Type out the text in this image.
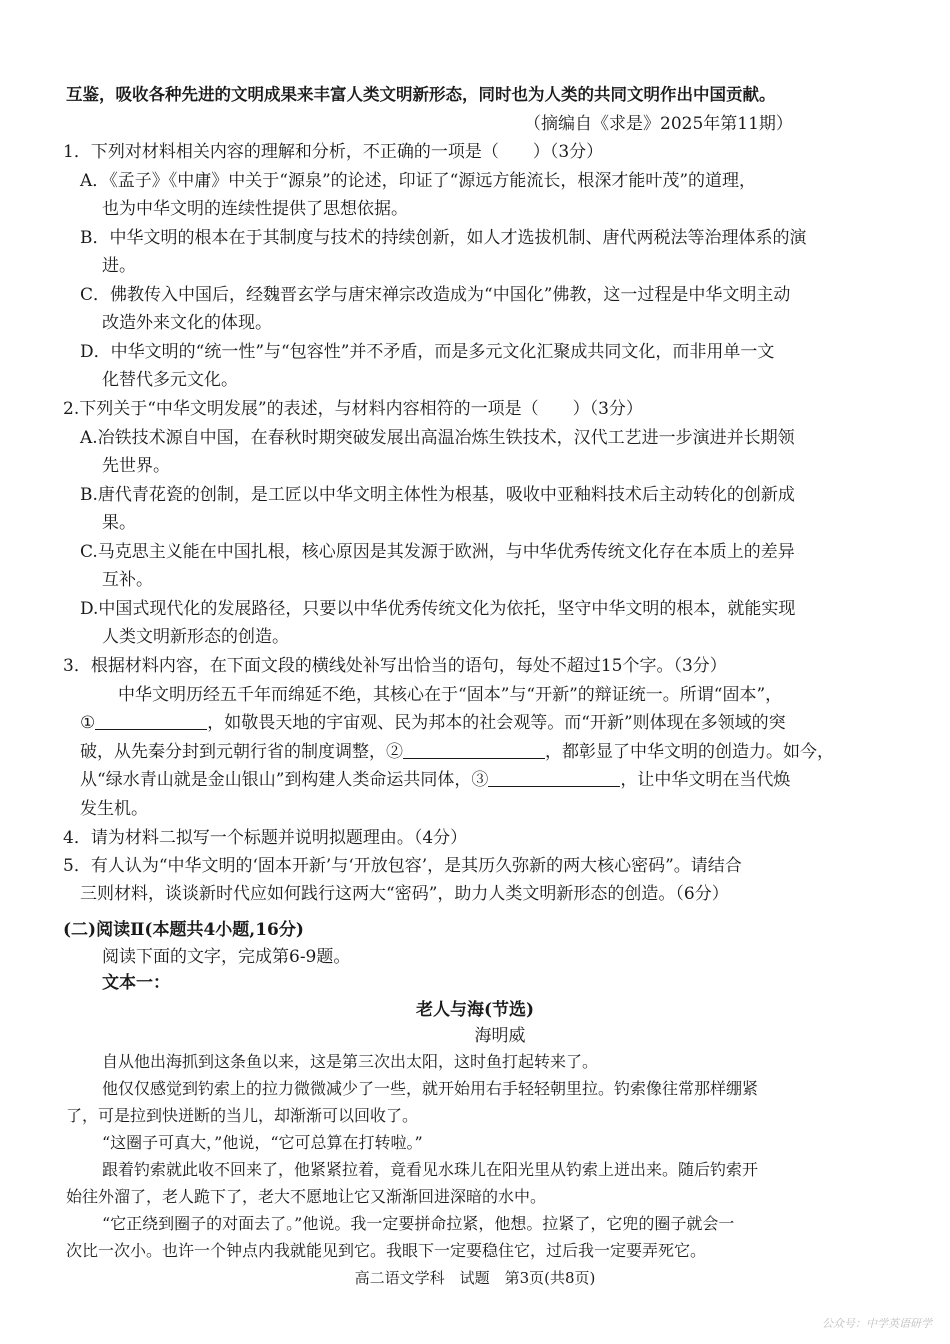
互鉴，吸收各种先进的文明成果来丰富人类文明新形态，同时也为人类的共同文明作出中国贡献。
（摘编自《求是》2025年第11期）
1．下列对材料相关内容的理解和分析，不正确的一项是（　　）（3分）
A．《孟子》《中庸》中关于“源泉”的论述，印证了“源远方能流长，根深才能叶茂”的道理，
也为中华文明的连续性提供了思想依据。
B．中华文明的根本在于其制度与技术的持续创新，如人才选拔机制、唐代两税法等治理体系的演
进。
C．佛教传入中国后，经魏晋玄学与唐宋禅宗改造成为“中国化”佛教，这一过程是中华文明主动
改造外来文化的体现。
D．中华文明的“统一性”与“包容性”并不矛盾，而是多元文化汇聚成共同文化，而非用单一文
化替代多元文化。
2.下列关于“中华文明发展”的表述，与材料内容相符的一项是（　　）（3分）
A.冶铁技术源自中国，在春秋时期突破发展出高温冶炼生铁技术，汉代工艺进一步演进并长期领
先世界。
B.唐代青花瓷的创制，是工匠以中华文明主体性为根基，吸收中亚釉料技术后主动转化的创新成
果。
C.马克思主义能在中国扎根，核心原因是其发源于欧洲，与中华优秀传统文化存在本质上的差异
互补。
D.中国式现代化的发展路径，只要以中华优秀传统文化为依托，坚守中华文明的根本，就能实现
人类文明新形态的创造。
3．根据材料内容，在下面文段的横线处补写出恰当的语句，每处不超过15个字。（3分）
中华文明历经五千年而绵延不绝，其核心在于“固本”与“开新”的辩证统一。所谓“固本”，
①	，如敬畏天地的宇宙观、民为邦本的社会观等。而“开新”则体现在多领域的突
破，从先秦分封到元朝行省的制度调整，②	，都彰显了中华文明的创造力。如今，
从“绿水青山就是金山银山”到构建人类命运共同体，③	，让中华文明在当代焕
发生机。
4．请为材料二拟写一个标题并说明拟题理由。（4分）
5．有人认为“中华文明的‘固本开新’与‘开放包容’，是其历久弥新的两大核心密码”。请结合
三则材料，谈谈新时代应如何践行这两大“密码”，助力人类文明新形态的创造。（6分）
(二)阅读Ⅱ(本题共4小题,16分)
阅读下面的文字，完成第6-9题。
文本一：
老人与海(节选)
海明威
自从他出海抓到这条鱼以来，这是第三次出太阳，这时鱼打起转来了。
他仅仅感觉到钓索上的拉力微微减少了一些，就开始用右手轻轻朝里拉。钓索像往常那样绷紧
了，可是拉到快迸断的当儿，却渐渐可以回收了。
“这圈子可真大，”他说，“它可总算在打转啦。”
跟着钓索就此收不回来了，他紧紧拉着，竟看见水珠儿在阳光里从钓索上迸出来。随后钓索开
始往外溜了，老人跪下了，老大不愿地让它又渐渐回进深暗的水中。
高二语文学科　试题　第3页(共8页)
公众号：中学英语研学
“它正绕到圈子的对面去了。”他说。我一定要拼命拉紧，他想。拉紧了，它兜的圈子就会一
次比一次小。也许一个钟点内我就能见到它。我眼下一定要稳住它，过后我一定要弄死它。
